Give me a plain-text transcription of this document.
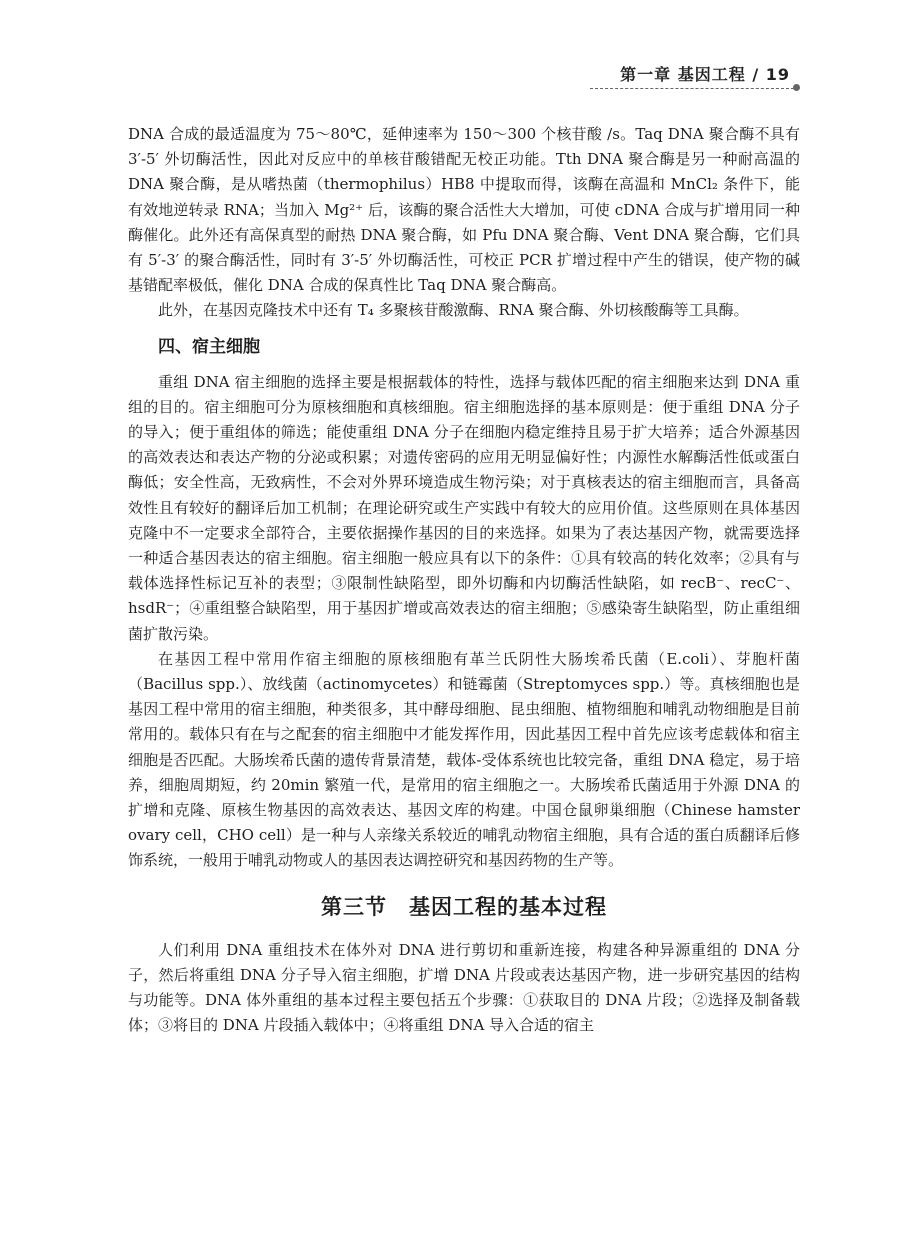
第一章 基因工程 / 19

DNA 合成的最适温度为 75～80℃，延伸速率为 150～300 个核苷酸 /s。Taq DNA 聚合酶不具有 3′-5′ 外切酶活性，因此对反应中的单核苷酸错配无校正功能。Tth DNA 聚合酶是另一种耐高温的 DNA 聚合酶，是从嗜热菌（thermophilus）HB8 中提取而得，该酶在高温和 MnCl₂ 条件下，能有效地逆转录 RNA；当加入 Mg²⁺ 后，该酶的聚合活性大大增加，可使 cDNA 合成与扩增用同一种酶催化。此外还有高保真型的耐热 DNA 聚合酶，如 Pfu DNA 聚合酶、Vent DNA 聚合酶，它们具有 5′-3′ 的聚合酶活性，同时有 3′-5′ 外切酶活性，可校正 PCR 扩增过程中产生的错误，使产物的碱基错配率极低，催化 DNA 合成的保真性比 Taq DNA 聚合酶高。

此外，在基因克隆技术中还有 T₄ 多聚核苷酸激酶、RNA 聚合酶、外切核酸酶等工具酶。

四、宿主细胞

重组 DNA 宿主细胞的选择主要是根据载体的特性，选择与载体匹配的宿主细胞来达到 DNA 重组的目的。宿主细胞可分为原核细胞和真核细胞。宿主细胞选择的基本原则是：便于重组 DNA 分子的导入；便于重组体的筛选；能使重组 DNA 分子在细胞内稳定维持且易于扩大培养；适合外源基因的高效表达和表达产物的分泌或积累；对遗传密码的应用无明显偏好性；内源性水解酶活性低或蛋白酶低；安全性高，无致病性，不会对外界环境造成生物污染；对于真核表达的宿主细胞而言，具备高效性且有较好的翻译后加工机制；在理论研究或生产实践中有较大的应用价值。这些原则在具体基因克隆中不一定要求全部符合，主要依据操作基因的目的来选择。如果为了表达基因产物，就需要选择一种适合基因表达的宿主细胞。宿主细胞一般应具有以下的条件：①具有较高的转化效率；②具有与载体选择性标记互补的表型；③限制性缺陷型，即外切酶和内切酶活性缺陷，如 recB⁻、recC⁻、hsdR⁻；④重组整合缺陷型，用于基因扩增或高效表达的宿主细胞；⑤感染寄生缺陷型，防止重组细菌扩散污染。

在基因工程中常用作宿主细胞的原核细胞有革兰氏阴性大肠埃希氏菌（E.coli）、芽胞杆菌（Bacillus spp.）、放线菌（actinomycetes）和链霉菌（Streptomyces spp.）等。真核细胞也是基因工程中常用的宿主细胞，种类很多，其中酵母细胞、昆虫细胞、植物细胞和哺乳动物细胞是目前常用的。载体只有在与之配套的宿主细胞中才能发挥作用，因此基因工程中首先应该考虑载体和宿主细胞是否匹配。大肠埃希氏菌的遗传背景清楚，载体-受体系统也比较完备，重组 DNA 稳定，易于培养，细胞周期短，约 20min 繁殖一代，是常用的宿主细胞之一。大肠埃希氏菌适用于外源 DNA 的扩增和克隆、原核生物基因的高效表达、基因文库的构建。中国仓鼠卵巢细胞（Chinese hamster ovary cell，CHO cell）是一种与人亲缘关系较近的哺乳动物宿主细胞，具有合适的蛋白质翻译后修饰系统，一般用于哺乳动物或人的基因表达调控研究和基因药物的生产等。

第三节　基因工程的基本过程

人们利用 DNA 重组技术在体外对 DNA 进行剪切和重新连接，构建各种异源重组的 DNA 分子，然后将重组 DNA 分子导入宿主细胞，扩增 DNA 片段或表达基因产物，进一步研究基因的结构与功能等。DNA 体外重组的基本过程主要包括五个步骤：①获取目的 DNA 片段；②选择及制备载体；③将目的 DNA 片段插入载体中；④将重组 DNA 导入合适的宿主
